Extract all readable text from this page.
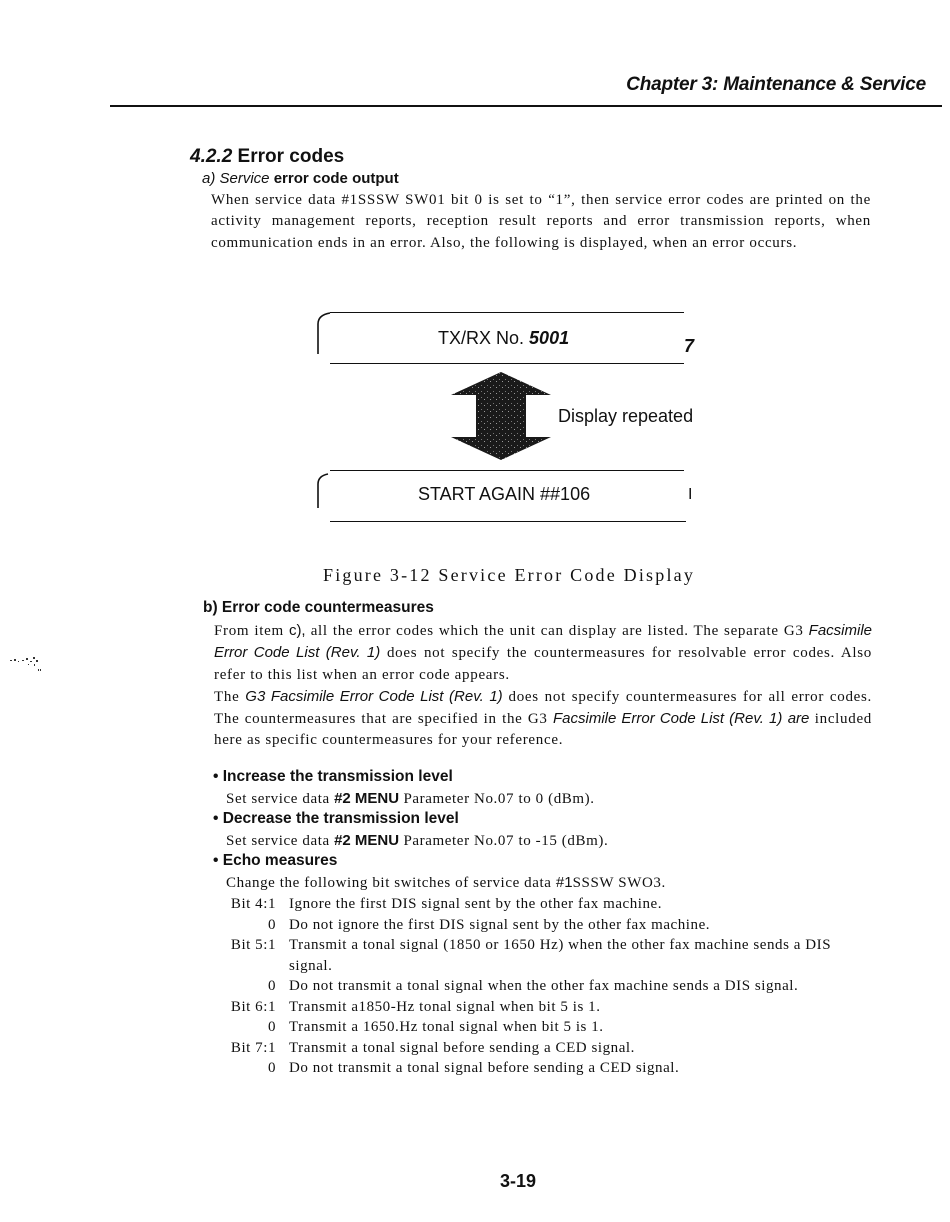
Chapter 3: Maintenance & Service
4.2.2 Error codes
a) Service error code output
When service data #1SSSW SW01 bit 0 is set to “1”, then service error codes are printed on the activity management reports, reception result reports and error transmission reports, when communication ends in an error. Also, the following is displayed, when an error occurs.
TX/RX No. 5001	7
Display repeated
START AGAIN ##106	I
Figure 3-12 Service Error Code Display
b) Error code countermeasures
From item c), all the error codes which the unit can display are listed. The separate G3 Facsimile Error Code List (Rev. 1) does not specify the countermeasures for resolvable error codes. Also refer to this list when an error code appears.
The G3 Facsimile Error Code List (Rev. 1) does not specify countermeasures for all error codes. The countermeasures that are specified in the G3 Facsimile Error Code List (Rev. 1) are included here as specific countermeasures for your reference.
• Increase the transmission level
Set service data #2 MENU Parameter No.07 to 0 (dBm).
• Decrease the transmission level
Set service data #2 MENU Parameter No.07 to -15 (dBm).
• Echo measures
Change the following bit switches of service data #1SSSW SWO3.
Bit 4:1 Ignore the first DIS signal sent by the other fax machine.
0 Do not ignore the first DIS signal sent by the other fax machine.
Bit 5:1 Transmit a tonal signal (1850 or 1650 Hz) when the other fax machine sends a DIS signal.
0 Do not transmit a tonal signal when the other fax machine sends a DIS signal.
Bit 6:1 Transmit a1850-Hz tonal signal when bit 5 is 1.
0 Transmit a 1650.Hz tonal signal when bit 5 is 1.
Bit 7:1 Transmit a tonal signal before sending a CED signal.
0 Do not transmit a tonal signal before sending a CED signal.
3-19
